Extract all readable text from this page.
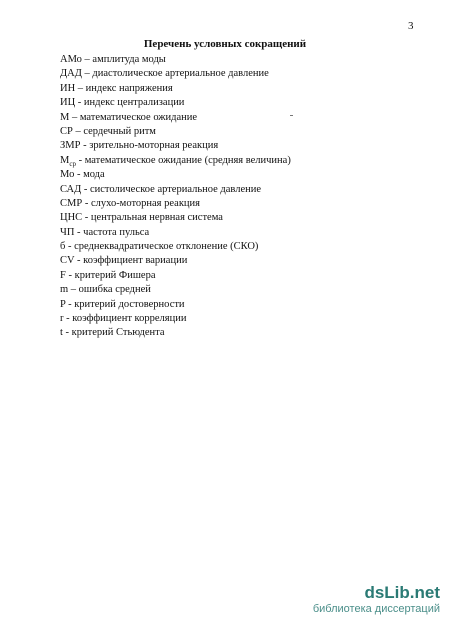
3
Перечень условных сокращений
АМо – амплитуда моды
ДАД – диастолическое артериальное давление
ИН – индекс напряжения
ИЦ - индекс централизации
М – математическое ожидание
СР – сердечный ритм
ЗМР - зрительно-моторная реакция
$М_{ср}$ - математическое ожидание (средняя величина)
Мо - мода
САД - систолическое артериальное давление
СМР - слухо-моторная реакция
ЦНС - центральная нервная система
ЧП - частота пульса
б - среднеквадратическое отклонение (СКО)
CV - коэффициент вариации
F - критерий Фишера
m – ошибка средней
P - критерий достоверности
r - коэффициент корреляции
t - критерий Стьюдента
dsLib.net
библиотека диссертаций
